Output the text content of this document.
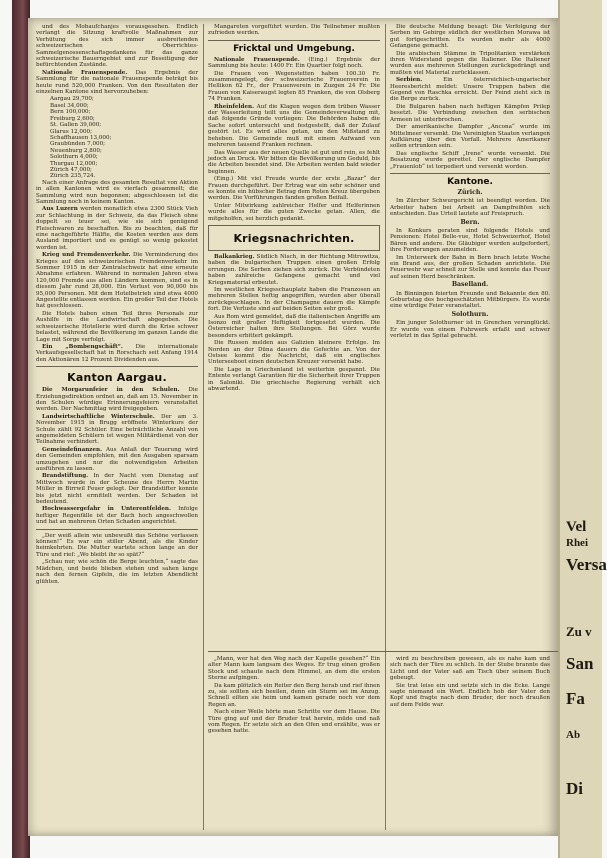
und des Mobaufchanjes vorausgesehen. Endlich verlangt die Sitzung kraftvolle Maßnahmen zur Verhütung des sich immer ausbreitenden schweizerischen Oberrichtes-Sammelgenossenschaftsgedankens für das ganze schweizerische Bauerngebiet und zur Beseitigung der befürchtenden Zustände.

Nationale Frauenspende. Das Ergebnis der Sammlung für die nationale Frauenspende beträgt bis heute rund 520,000 Franken. Von den Resultaten der einzelnen Kantone sind hervorzuheben:

Aargau 29,700;
Basel 34,000;
Bern 100,000;
Freiburg 2,600;
St. Gallen 39,000;
Glarus 12,000;
Schaffhausen 13,000;
Graubünden 7,000;
Neuenburg 2,800;
Solothurn 4,000;
Thurgau 12,000;
Zürich 47,000;
Zürich 235,724.

Nach einer Anfrage des gesamten Resultat von Aktion in allen Kantonen wird es vierfach gesammelt; die Sammlung wird nun begonnen; abgeschlossen ist die Sammlung noch in keinem Kanton.

Aus Luzern werden monatlich etwa 2300 Stück Vieh zur Schlachtung in der Schweiz, da das Fleisch ohne doppelt so teuer sei, wie sie sich genügend Fleischwaren zu beschaffen. Bis zu beachten, daß für eine nachgeführte Hälfte, die Kosten werden aus dem Ausland importiert und es genügt so wenig gekostet worden ist.

Krieg und Fremdenverkehr. Die Verminderung des Krieges auf den schweizerischen Fremdenverkehr im Sommer 1915 in der Zentralschweiz hat eine erneute Abnahme erfahren. Während in normalen Jahren etwa 120,000 Fremde aus allen Ländern kommen, sind es in diesem Jahr rund 28,000. Ein Verlust von 90,000 bis 95,000 Personen. Mit dem Hotelbetrieb sind etwa 4000 Angestellte entlassen worden. Ein großer Teil der Hotels hat geschlossen.

Die Hotels haben einen Teil ihres Personals zur Aushilfe in die Landwirtschaft abgegeben. Die schweizerische Hotellerie wird durch die Krise schwer belastet, während die Bevölkerung im ganzen Lande die Lage mit Sorge verfolgt.

Ein „Bombengschäft“. Die internationale Verkaufsgesellschaft hat in Rorschach seit Anfang 1914 den Aktionären 12 Prozent Dividenden aus.

Kanton Aargau.

Die Morgarunfeier in den Schulen. Die Erziehungsdirektion ordnet an, daß am 15. November in den Schulen würdige Erinnerungsfeiern veranstaltet werden. Der Nachmittag wird freigegeben.

Landwirtschaftliche Winterschule. Der am 3. November 1915 in Brugg eröffnete Winterkurs der Schule zählt 92 Schüler. Eine beträchtliche Anzahl von angemeldeten Schülern ist wegen Militärdienst von der Teilnahme verhindert.

Gemeindefinanzen. Aus Anlaß der Teuerung wird den Gemeinden empfohlen, mit den Ausgaben sparsam umzugehen und nur die notwendigsten Arbeiten ausführen zu lassen.

Brandstiftung. In der Nacht vom Dienstag auf Mittwoch wurde in der Scheune des Herrn Martin Müller in Birrwil Feuer gelegt. Der Brandstifter konnte bis jetzt nicht ermittelt werden. Der Schaden ist bedeutend.

Hochwassergefahr in Unterentfelden. Infolge heftiger Regenfälle ist der Bach hoch angeschwollen und hat an mehreren Orten Schaden angerichtet.

„Der weiß allein wie unbewußt das Schöne verlassen können!“ Es war ein stiller Abend, als die Kinder heimkehrten. Die Mutter wartete schon lange an der Türe und rief: „Wo bleibt ihr so spät?“

„Schau nur, wie schön die Berge leuchten,“ sagte das Mädchen, und beide blieben stehen und sahen lange nach den fernen Gipfeln, die im letzten Abendlicht glühten.

Mangareten vorgeführt wurden. Die Teilnehmer mußten zufrieden werden.

Fricktal und Umgebung.

Nationale Frauenspende. (Eing.) Ergebnis der Sammlung bis heute: 1400 Fr. Ein Quartier folgt noch.

Die Frauen von Wegenstetten haben 100.30 Fr. zusammengelegt, der schweizerische Frauenverein in Hellikon 62 Fr., der Frauenverein in Zuzgen 24 Fr. Die Frauen von Kaiseraugst legten 85 Franken, die von Olsberg 74 Franken.

Rheinfelden. Auf die Klagen wegen dem trüben Wasser der Wasserleitung teilt uns die Gemeindeverwaltung mit, daß folgende Gründe vorliegen: Die Behörden haben die Sache sofort untersucht und festgestellt, daß der Zulauf gestört ist. Es wird alles getan, um den Mißstand zu beheben. Die Gemeinde muß mit einem Aufwand von mehreren tausend Franken rechnen.

Das Wasser aus der neuen Quelle ist gut und rein, es fehlt jedoch an Druck. Wir bitten die Bevölkerung um Geduld, bis die Arbeiten beendet sind. Die Arbeiten werden bald wieder beginnen.

(Eing.) Mit viel Freude wurde der erste „Bazar“ der Frauen durchgeführt. Der Ertrag war ein sehr schöner und es konnte ein hübscher Betrag dem Roten Kreuz übergeben werden. Die Vorführungen fanden großen Beifall.

Unter Mitwirkung zahlreicher Helfer und Helferinnen wurde alles für die guten Zwecke getan. Allen, die mitgeholfen, sei herzlich gedankt.

Kriegsnachrichten.

Balkankrieg. Südlich Nisch, in der Richtung Mitrowitza, haben die bulgarischen Truppen einen großen Erfolg errungen. Die Serben ziehen sich zurück. Die Verbündeten haben zahlreiche Gefangene gemacht und viel Kriegsmaterial erbeutet.

Im westlichen Kriegsschauplatz haben die Franzosen an mehreren Stellen heftig angegriffen, wurden aber überall zurückgeschlagen. In der Champagne dauern die Kämpfe fort. Die Verluste sind auf beiden Seiten sehr groß.

Aus Rom wird gemeldet, daß die italienischen Angriffe am Isonzo mit großer Heftigkeit fortgesetzt wurden. Die Österreicher halten ihre Stellungen. Bei Görz wurde besonders erbittert gekämpft.

Die Russen melden aus Galizien kleinere Erfolge. Im Norden an der Düna dauern die Gefechte an. Von der Ostsee kommt die Nachricht, daß ein englisches Unterseeboot einen deutschen Kreuzer versenkt habe.

Die Lage in Griechenland ist weiterhin gespannt. Die Entente verlangt Garantien für die Sicherheit ihrer Truppen in Saloniki. Die griechische Regierung verhält sich abwartend.

Die deutsche Meldung besagt: Die Verfolgung der Serben im Gebirge südlich der westlichen Morawa ist gut fortgeschritten. Es wurden mehr als 4000 Gefangene gemacht.

Die arabischen Stämme in Tripolitanien verstärken ihren Widerstand gegen die Italiener. Die Italiener wurden aus mehreren Stellungen zurückgedrängt und mußten viel Material zurücklassen.

Serbien.	Ein österreichisch-ungarischer Heeresbericht meldet: Unsere Truppen haben die Gegend von Raschka erreicht. Der Feind zieht sich in die Berge zurück.

Die Bulgaren haben nach heftigen Kämpfen Prilep besetzt. Die Verbindung zwischen den serbischen Armeen ist unterbrochen.

Der amerikanische Dampfer „Ancona“ wurde im Mittelmeer versenkt. Die Vereinigten Staaten verlangen Aufklärung über den Vorfall. Mehrere Amerikaner sollen ertrunken sein.

Das englische Schiff „Irene“ wurde versenkt. Die Besatzung wurde gerettet. Der englische Dampfer „Frauenlob“ ist torpediert und versenkt worden.

Kantone.
Zürich.

Im Zürcher Schwurgericht ist beendigt worden. Die Arbeiter haben bei Arbeit an Dampfreihfen sich entschieden. Das Urteil lautete auf Freispruch.

Bern.

In Konkurs geraten sind folgende Hotels und Pensionen: Hotel Belle-vue, Hotel Schweizerhof, Hotel Bären und andere. Die Gläubiger werden aufgefordert, ihre Forderungen anzumelden.

Im Unterwerk der Bahn in Bern brach letzte Woche ein Brand aus, der großen Schaden anrichtete. Die Feuerwehr war schnell zur Stelle und konnte das Feuer auf seinen Herd beschränken.

Baselland.

In Binningen feierten Freunde und Bekannte den 80. Geburtstag des hochgeschätzten Mitbürgers. Es wurde eine würdige Feier veranstaltet.

Solothurn.

Ein junger Solothurner ist in Grenchen verunglückt. Er wurde von einem Fuhrwerk erfaßt und schwer verletzt in das Spital gebracht.

„Mann, wer hat den Weg nach der Kapelle gesehen?“ Ein alter Mann kam langsam des Weges. Er trug einen großen Stock und schaute nach dem Himmel, an dem die ersten Sterne aufgingen.

Da kam plötzlich ein Reiter den Berg herab und rief ihnen zu, sie sollten sich beeilen, denn ein Sturm sei im Anzug. Schnell eilten sie heim und kamen gerade noch vor dem Regen an.

Nach einer Weile hörte man Schritte vor dem Hause. Die Türe ging auf und der Bruder trat herein, müde und naß vom Regen. Er setzte sich an den Ofen und erzählte, was er gesehen hatte.

wird zu beschreiben gewesen, als es nahe kam und sich nach der Türe zu schlich. In der Stube brannte das Licht und der Vater saß am Tisch über seinem Buch gebeugt.

Sie trat leise ein und setzte sich in die Ecke. Lange sagte niemand ein Wort. Endlich hob der Vater den Kopf und fragte nach dem Bruder, der noch draußen auf dem Felde war.

Vel
Rhei
Versa
Zu v
San
Fa
Ab
Di
